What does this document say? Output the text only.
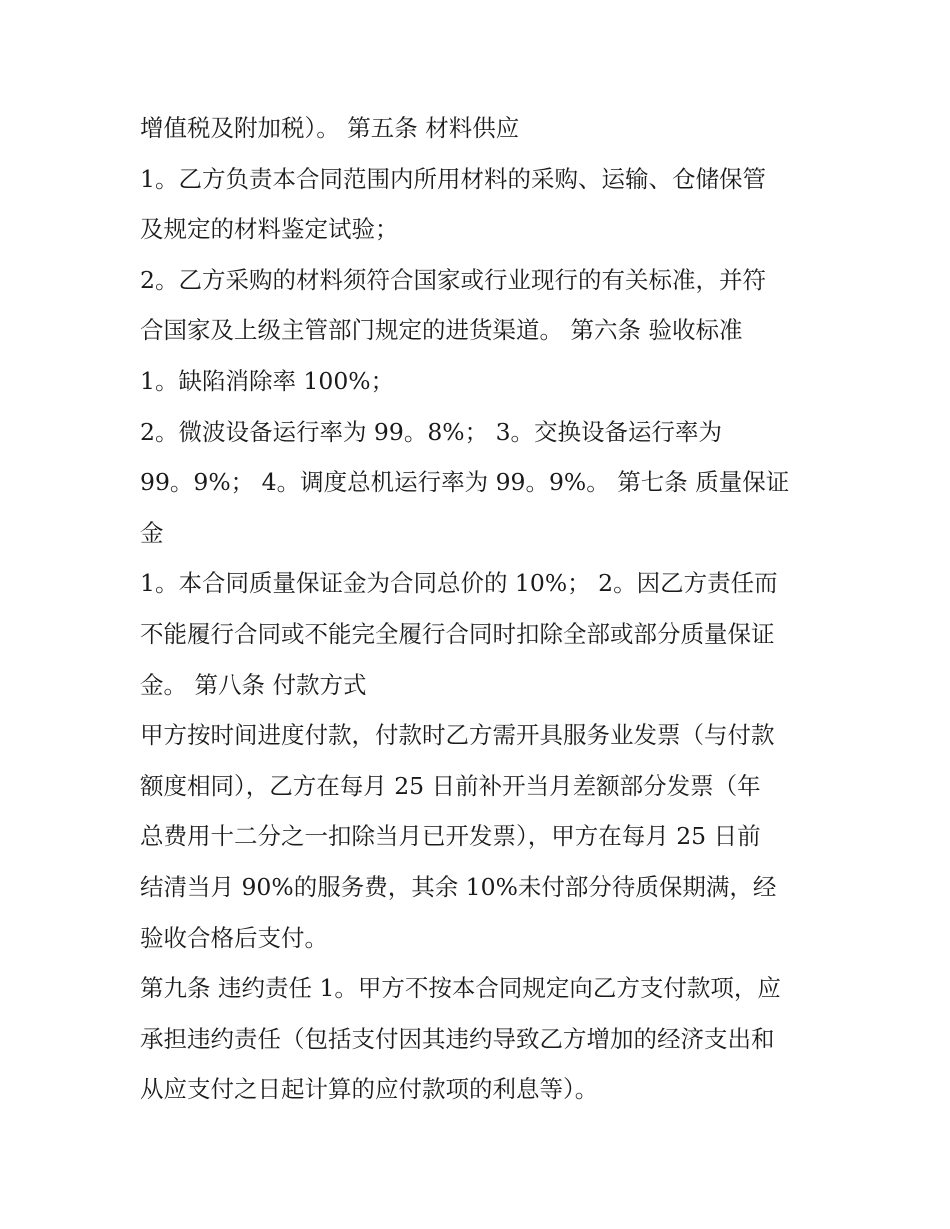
增值税及附加税）。 第五条 材料供应
1。乙方负责本合同范围内所用材料的采购、运输、仓储保管
及规定的材料鉴定试验；
2。乙方采购的材料须符合国家或行业现行的有关标准，并符
合国家及上级主管部门规定的进货渠道。 第六条 验收标准
1。缺陷消除率 100%；
2。微波设备运行率为 99。8%； 3。交换设备运行率为
99。9%； 4。调度总机运行率为 99。9%。 第七条 质量保证
金
1。本合同质量保证金为合同总价的 10%； 2。因乙方责任而
不能履行合同或不能完全履行合同时扣除全部或部分质量保证
金。 第八条 付款方式
甲方按时间进度付款，付款时乙方需开具服务业发票（与付款
额度相同），乙方在每月 25 日前补开当月差额部分发票（年
总费用十二分之一扣除当月已开发票），甲方在每月 25 日前
结清当月 90%的服务费，其余 10%未付部分待质保期满，经
验收合格后支付。
第九条 违约责任 1。甲方不按本合同规定向乙方支付款项，应
承担违约责任（包括支付因其违约导致乙方增加的经济支出和
从应支付之日起计算的应付款项的利息等）。
